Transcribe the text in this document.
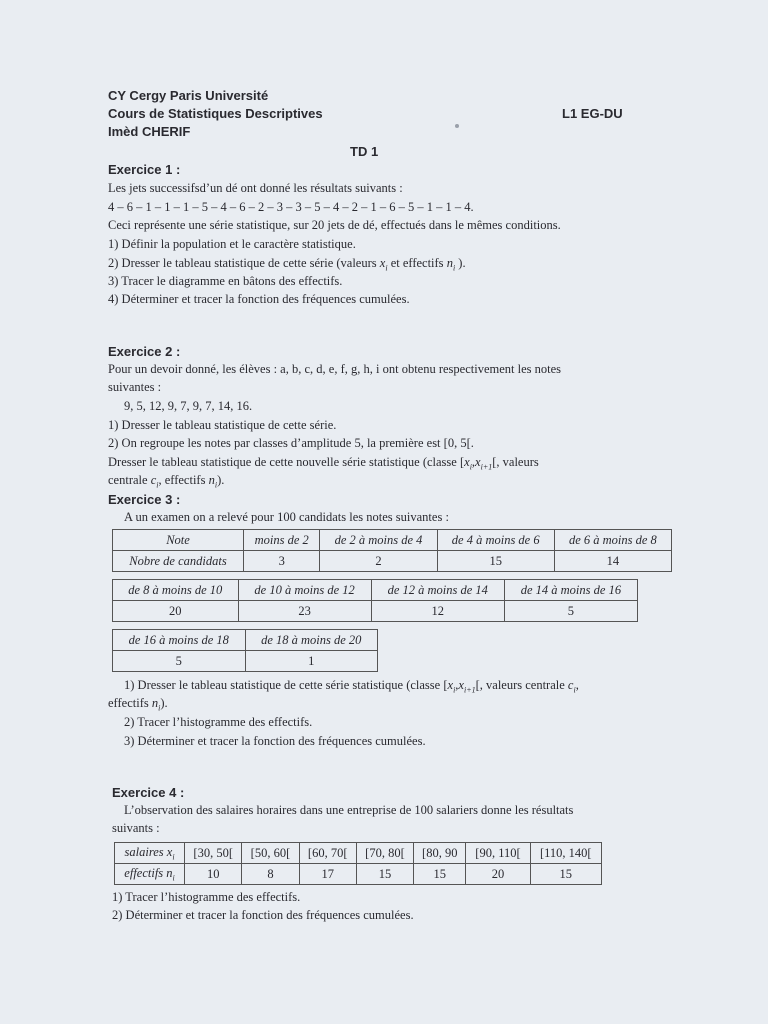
CY Cergy Paris Université
Cours de Statistiques Descriptives
Imèd CHERIF
L1 EG-DU
TD 1
Exercice 1 :
Les jets successifsd’un dé ont donné les résultats suivants :
4 – 6 – 1 – 1 – 1 – 5 – 4 – 6 – 2 – 3 – 3 – 5 – 4 – 2 – 1 – 6 – 5 – 1 – 1 – 4.
Ceci représente une série statistique, sur 20 jets de dé, effectués dans le mêmes conditions.
1) Définir la population et le caractère statistique.
2) Dresser le tableau statistique de cette série (valeurs $x_i$ et effectifs $n_i$ ).
3) Tracer le diagramme en bâtons des effectifs.
4) Déterminer et tracer la fonction des fréquences cumulées.
Exercice 2 :
Pour un devoir donné, les élèves : a, b, c, d, e, f, g, h, i ont obtenu respectivement les notes
suivantes :
9, 5, 12, 9, 7, 9, 7, 14, 16.
1) Dresser le tableau statistique de cette série.
2) On regroupe les notes par classes d’amplitude 5, la première est [0, 5[.
Dresser le tableau statistique de cette nouvelle série statistique (classe [$x_i,x_{i+1}$[, valeurs
centrale $c_i$, effectifs $n_i$).
Exercice 3 :
A un examen on a relevé pour 100 candidats les notes suivantes :
Note	moins de 2	de 2 à moins de 4	de 4 à moins de 6	de 6 à moins de 8
Nobre de candidats	3	2	15	14
de 8 à moins de 10	de 10 à moins de 12	de 12 à moins de 14	de 14 à moins de 16
20	23	12	5
de 16 à moins de 18	de 18 à moins de 20
5	1
1) Dresser le tableau statistique de cette série statistique (classe [$x_i,x_{i+1}$[, valeurs centrale $c_i$,
effectifs $n_i$).
2) Tracer l’histogramme des effectifs.
3) Déterminer et tracer la fonction des fréquences cumulées.
Exercice 4 :
L’observation des salaires horaires dans une entreprise de 100 salariers donne les résultats
suivants :
salaires $x_i$	[30, 50[	[50, 60[	[60, 70[	[70, 80[	[80, 90	[90, 110[	[110, 140[
effectifs $n_i$	10	8	17	15	15	20	15
1) Tracer l’histogramme des effectifs.
2) Déterminer et tracer la fonction des fréquences cumulées.
